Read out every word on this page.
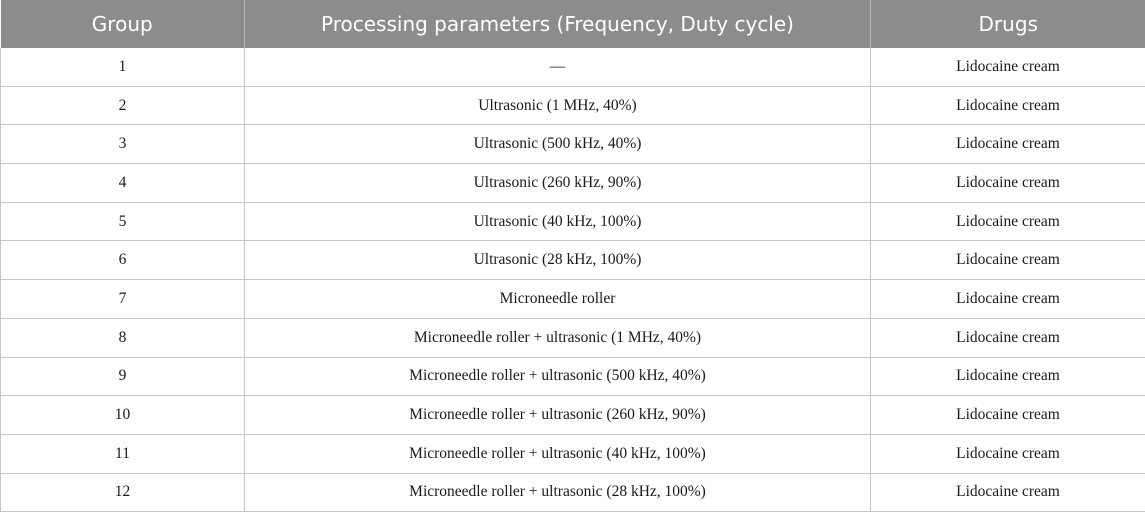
Group	Processing parameters (Frequency, Duty cycle)	Drugs
1	—	Lidocaine cream
2	Ultrasonic (1 MHz, 40%)	Lidocaine cream
3	Ultrasonic (500 kHz, 40%)	Lidocaine cream
4	Ultrasonic (260 kHz, 90%)	Lidocaine cream
5	Ultrasonic (40 kHz, 100%)	Lidocaine cream
6	Ultrasonic (28 kHz, 100%)	Lidocaine cream
7	Microneedle roller	Lidocaine cream
8	Microneedle roller + ultrasonic (1 MHz, 40%)	Lidocaine cream
9	Microneedle roller + ultrasonic (500 kHz, 40%)	Lidocaine cream
10	Microneedle roller + ultrasonic (260 kHz, 90%)	Lidocaine cream
11	Microneedle roller + ultrasonic (40 kHz, 100%)	Lidocaine cream
12	Microneedle roller + ultrasonic (28 kHz, 100%)	Lidocaine cream
